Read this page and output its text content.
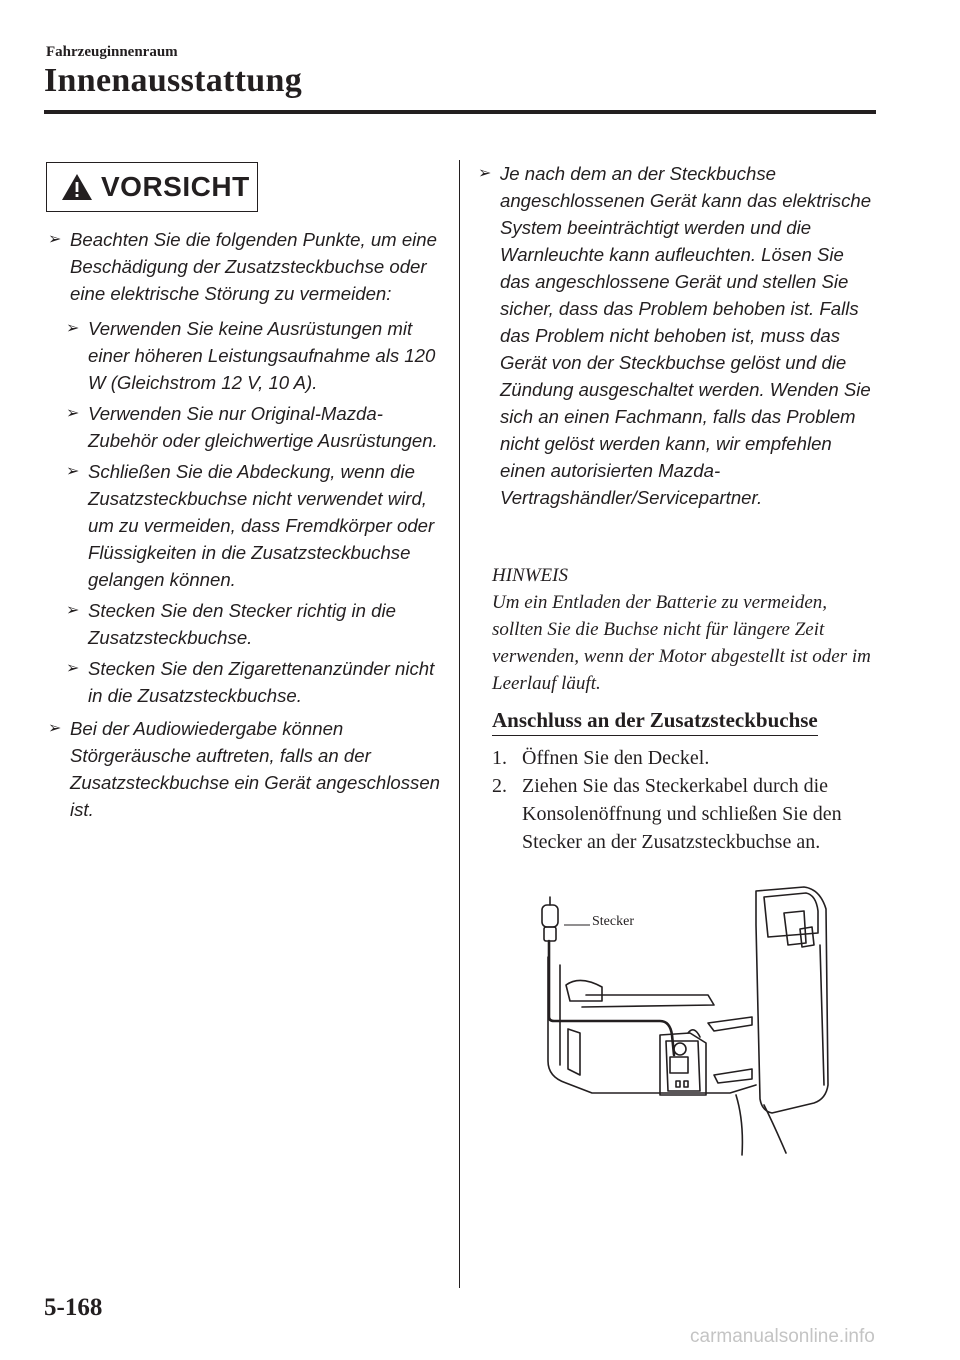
Fahrzeuginnenraum
Innenausstattung
VORSICHT
➢ Beachten Sie die folgenden Punkte, um eine Beschädigung der Zusatzsteckbuchse oder eine elektrische Störung zu vermeiden:
➢ Verwenden Sie keine Ausrüstungen mit einer höheren Leistungsaufnahme als 120 W (Gleichstrom 12 V, 10 A).
➢ Verwenden Sie nur Original-Mazda-Zubehör oder gleichwertige Ausrüstungen.
➢ Schließen Sie die Abdeckung, wenn die Zusatzsteckbuchse nicht verwendet wird, um zu vermeiden, dass Fremdkörper oder Flüssigkeiten in die Zusatzsteckbuchse gelangen können.
➢ Stecken Sie den Stecker richtig in die Zusatzsteckbuchse.
➢ Stecken Sie den Zigarettenanzünder nicht in die Zusatzsteckbuchse.
➢ Bei der Audiowiedergabe können Störgeräusche auftreten, falls an der Zusatzsteckbuchse ein Gerät angeschlossen ist.
➢ Je nach dem an der Steckbuchse angeschlossenen Gerät kann das elektrische System beeinträchtigt werden und die Warnleuchte kann aufleuchten. Lösen Sie das angeschlossene Gerät und stellen Sie sicher, dass das Problem behoben ist. Falls das Problem nicht behoben ist, muss das Gerät von der Steckbuchse gelöst und die Zündung ausgeschaltet werden. Wenden Sie sich an einen Fachmann, falls das Problem nicht gelöst werden kann, wir empfehlen einen autorisierten Mazda-Vertragshändler/Servicepartner.
HINWEIS
Um ein Entladen der Batterie zu vermeiden, sollten Sie die Buchse nicht für längere Zeit verwenden, wenn der Motor abgestellt ist oder im Leerlauf läuft.
Anschluss an der Zusatzsteckbuchse
1. Öffnen Sie den Deckel.
2. Ziehen Sie das Steckerkabel durch die Konsolenöffnung und schließen Sie den Stecker an der Zusatzsteckbuchse an.
Stecker
5-168
carmanualsonline.info
